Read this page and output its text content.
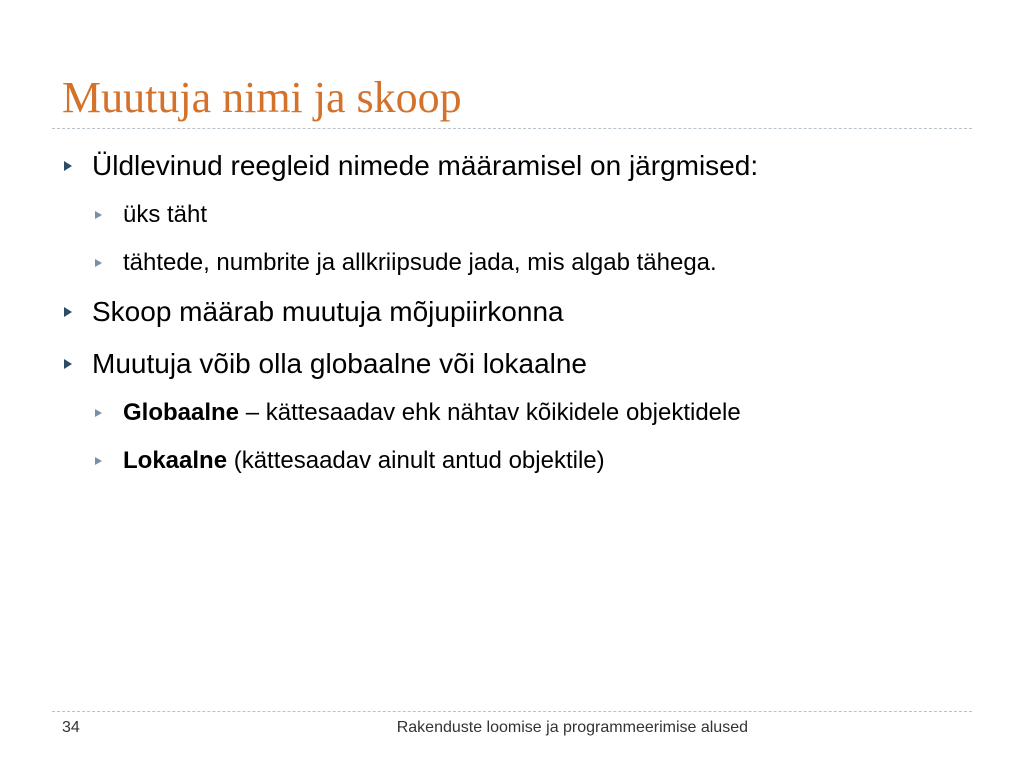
Muutuja nimi ja skoop
Üldlevinud reegleid nimede määramisel on järgmised:
üks täht
tähtede, numbrite ja allkriipsude jada, mis algab tähega.
Skoop määrab muutuja mõjupiirkonna
Muutuja võib olla globaalne või lokaalne
Globaalne – kättesaadav ehk nähtav kõikidele objektidele
Lokaalne (kättesaadav ainult antud objektile)
34	Rakenduste loomise ja programmeerimise alused
